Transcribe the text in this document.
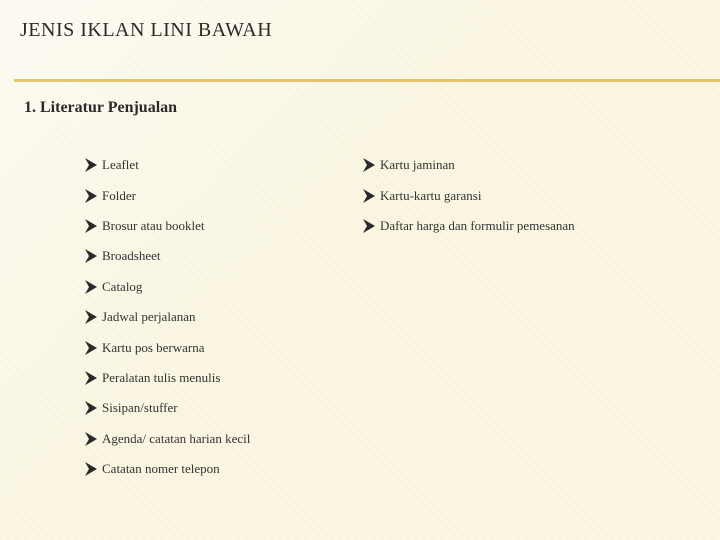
JENIS IKLAN LINI BAWAH
1. Literatur Penjualan
Leaflet
Folder
Brosur atau booklet
Broadsheet
Catalog
Jadwal perjalanan
Kartu pos berwarna
Peralatan tulis menulis
Sisipan/stuffer
Agenda/ catatan harian kecil
Catatan nomer telepon
Kartu jaminan
Kartu-kartu garansi
Daftar harga dan formulir pemesanan
